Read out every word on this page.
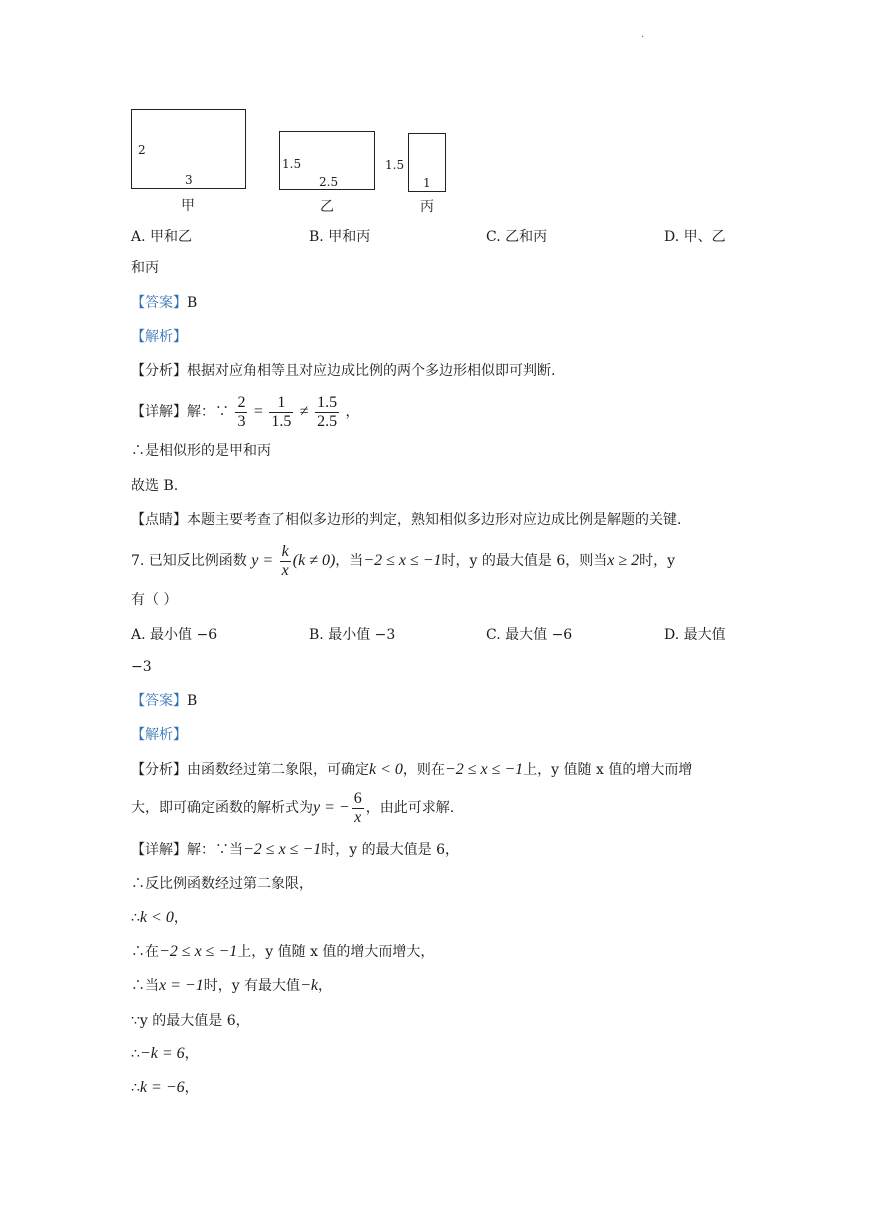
·
2
3
甲
1.5
2.5
乙
1.5
1
丙
A. 甲和乙	B. 甲和丙	C. 乙和丙	D. 甲、乙
和丙
【答案】B
【解析】
【分析】根据对应角相等且对应边成比例的两个多边形相似即可判断.
【详解】解：∵ $\frac{2}{3} = \frac{1}{1.5} \ne \frac{1.5}{2.5}$ ，
∴是相似形的是甲和丙
故选 B.
【点睛】本题主要考查了相似多边形的判定，熟知相似多边形对应边成比例是解题的关键.
7. 已知反比例函数 $y = \frac{k}{x} (k \ne 0)$，当−2 ≤ x ≤ −1时，y 的最大值是 6，则当x ≥ 2时，y
有（ ）
A. 最小值 −6	B. 最小值 −3	C. 最大值 −6	D. 最大值
−3
【答案】B
【解析】
【分析】由函数经过第二象限，可确定k < 0，则在−2 ≤ x ≤ −1上，y 值随 x 值的增大而增
大，即可确定函数的解析式为y = − $\frac{6}{x}$ ，由此可求解.
【详解】解：∵当−2 ≤ x ≤ −1时，y 的最大值是 6，
∴反比例函数经过第二象限，
∴k < 0，
∴在−2 ≤ x ≤ −1上，y 值随 x 值的增大而增大，
∴当x = −1时，y 有最大值−k，
∵y 的最大值是 6，
∴−k = 6，
∴k = −6，
